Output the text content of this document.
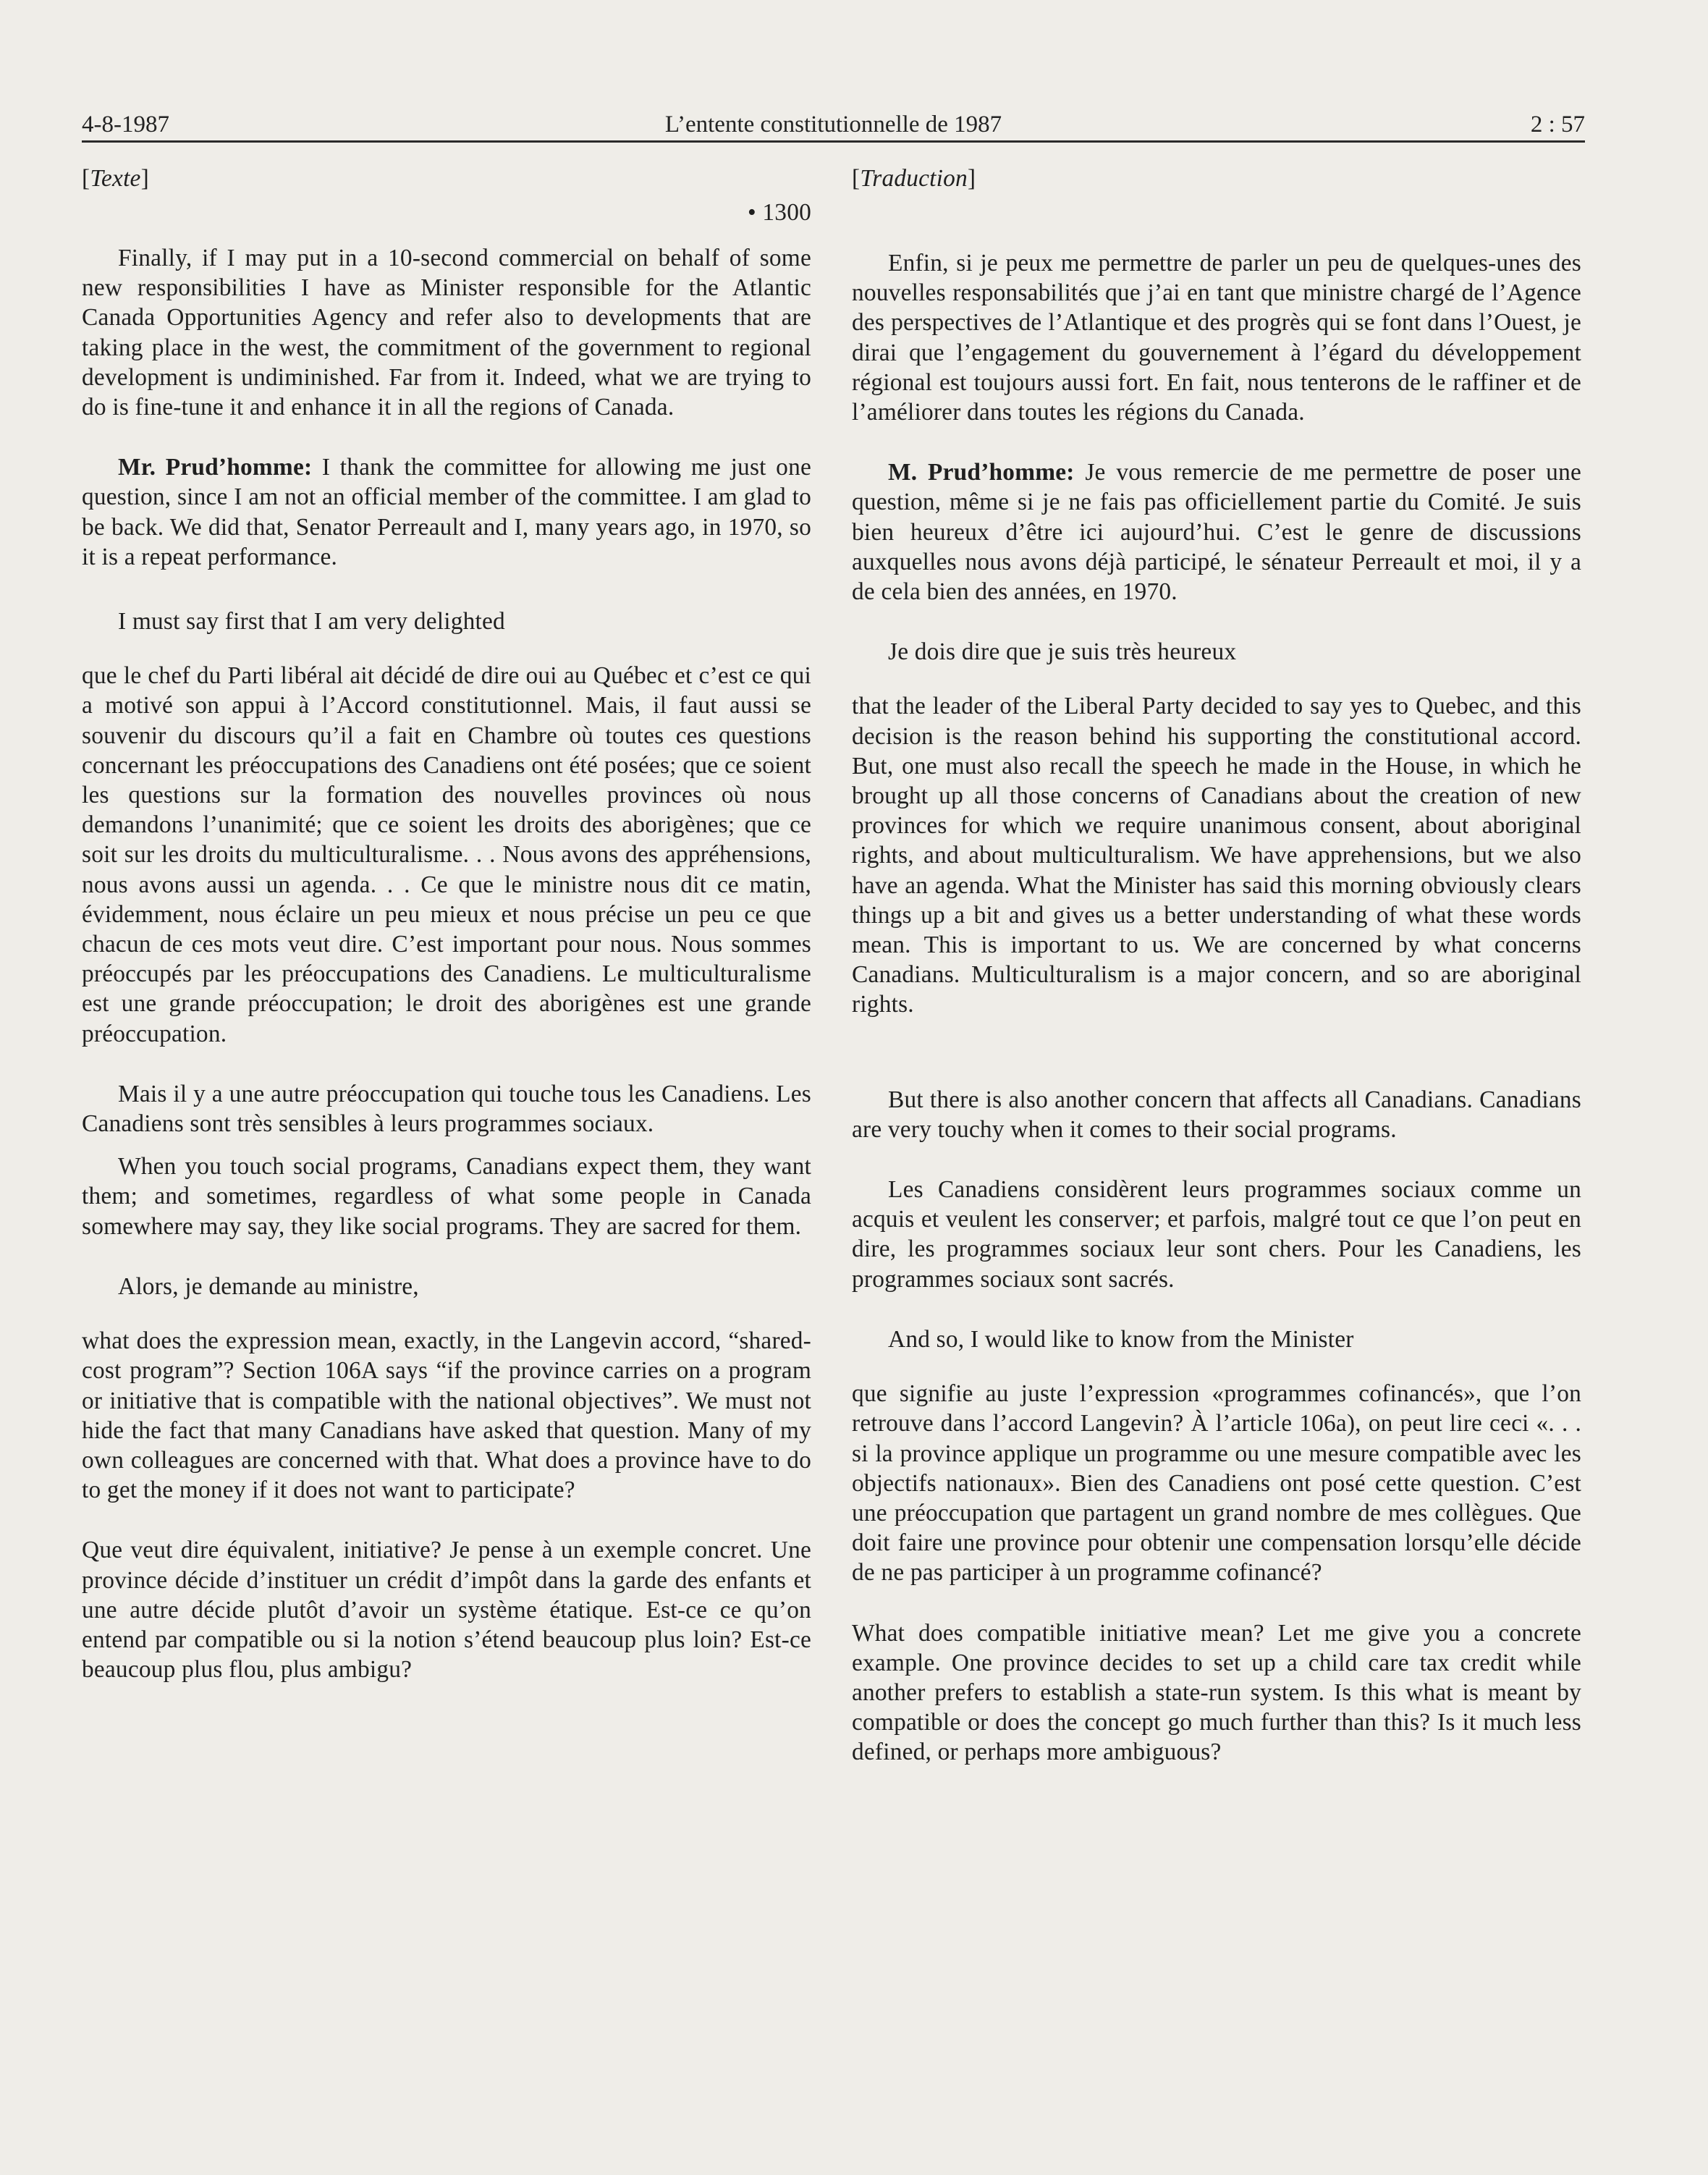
4-8-1987	L’entente constitutionnelle de 1987	2 : 57
[Texte]
• 1300

Finally, if I may put in a 10-second commercial on behalf of some new responsibilities I have as Minister responsible for the Atlantic Canada Opportunities Agency and refer also to developments that are taking place in the west, the commitment of the government to regional development is undiminished. Far from it. Indeed, what we are trying to do is fine-tune it and enhance it in all the regions of Canada.

Mr. Prud’homme: I thank the committee for allowing me just one question, since I am not an official member of the committee. I am glad to be back. We did that, Senator Perreault and I, many years ago, in 1970, so it is a repeat performance.

I must say first that I am very delighted

que le chef du Parti libéral ait décidé de dire oui au Québec et c’est ce qui a motivé son appui à l’Accord constitutionnel. Mais, il faut aussi se souvenir du discours qu’il a fait en Chambre où toutes ces questions concernant les préoccupations des Canadiens ont été posées; que ce soient les questions sur la formation des nouvelles provinces où nous demandons l’unanimité; que ce soient les droits des aborigènes; que ce soit sur les droits du multiculturalisme. . . Nous avons des appréhensions, nous avons aussi un agenda. . . Ce que le ministre nous dit ce matin, évidemment, nous éclaire un peu mieux et nous précise un peu ce que chacun de ces mots veut dire. C’est important pour nous. Nous sommes préoccupés par les préoccupations des Canadiens. Le multiculturalisme est une grande préoccupation; le droit des aborigènes est une grande préoccupation.

Mais il y a une autre préoccupation qui touche tous les Canadiens. Les Canadiens sont très sensibles à leurs programmes sociaux.

When you touch social programs, Canadians expect them, they want them; and sometimes, regardless of what some people in Canada somewhere may say, they like social programs. They are sacred for them.

Alors, je demande au ministre,

what does the expression mean, exactly, in the Langevin accord, “shared-cost program”? Section 106A says “if the province carries on a program or initiative that is compatible with the national objectives”. We must not hide the fact that many Canadians have asked that question. Many of my own colleagues are concerned with that. What does a province have to do to get the money if it does not want to participate?

Que veut dire équivalent, initiative? Je pense à un exemple concret. Une province décide d’instituer un crédit d’impôt dans la garde des enfants et une autre décide plutôt d’avoir un système étatique. Est-ce ce qu’on entend par compatible ou si la notion s’étend beaucoup plus loin? Est-ce beaucoup plus flou, plus ambigu?

[Traduction]

Enfin, si je peux me permettre de parler un peu de quelques-unes des nouvelles responsabilités que j’ai en tant que ministre chargé de l’Agence des perspectives de l’Atlantique et des progrès qui se font dans l’Ouest, je dirai que l’engagement du gouvernement à l’égard du développement régional est toujours aussi fort. En fait, nous tenterons de le raffiner et de l’améliorer dans toutes les régions du Canada.

M. Prud’homme: Je vous remercie de me permettre de poser une question, même si je ne fais pas officiellement partie du Comité. Je suis bien heureux d’être ici aujourd’hui. C’est le genre de discussions auxquelles nous avons déjà participé, le sénateur Perreault et moi, il y a de cela bien des années, en 1970.

Je dois dire que je suis très heureux

that the leader of the Liberal Party decided to say yes to Quebec, and this decision is the reason behind his supporting the constitutional accord. But, one must also recall the speech he made in the House, in which he brought up all those concerns of Canadians about the creation of new provinces for which we require unanimous consent, about aboriginal rights, and about multiculturalism. We have apprehensions, but we also have an agenda. What the Minister has said this morning obviously clears things up a bit and gives us a better understanding of what these words mean. This is important to us. We are concerned by what concerns Canadians. Multiculturalism is a major concern, and so are aboriginal rights.

But there is also another concern that affects all Canadians. Canadians are very touchy when it comes to their social programs.

Les Canadiens considèrent leurs programmes sociaux comme un acquis et veulent les conserver; et parfois, malgré tout ce que l’on peut en dire, les programmes sociaux leur sont chers. Pour les Canadiens, les programmes sociaux sont sacrés.

And so, I would like to know from the Minister

que signifie au juste l’expression «programmes cofinancés», que l’on retrouve dans l’accord Langevin? À l’article 106a), on peut lire ceci «. . . si la province applique un programme ou une mesure compatible avec les objectifs nationaux». Bien des Canadiens ont posé cette question. C’est une préoccupation que partagent un grand nombre de mes collègues. Que doit faire une province pour obtenir une compensation lorsqu’elle décide de ne pas participer à un programme cofinancé?

What does compatible initiative mean? Let me give you a concrete example. One province decides to set up a child care tax credit while another prefers to establish a state-run system. Is this what is meant by compatible or does the concept go much further than this? Is it much less defined, or perhaps more ambiguous?
